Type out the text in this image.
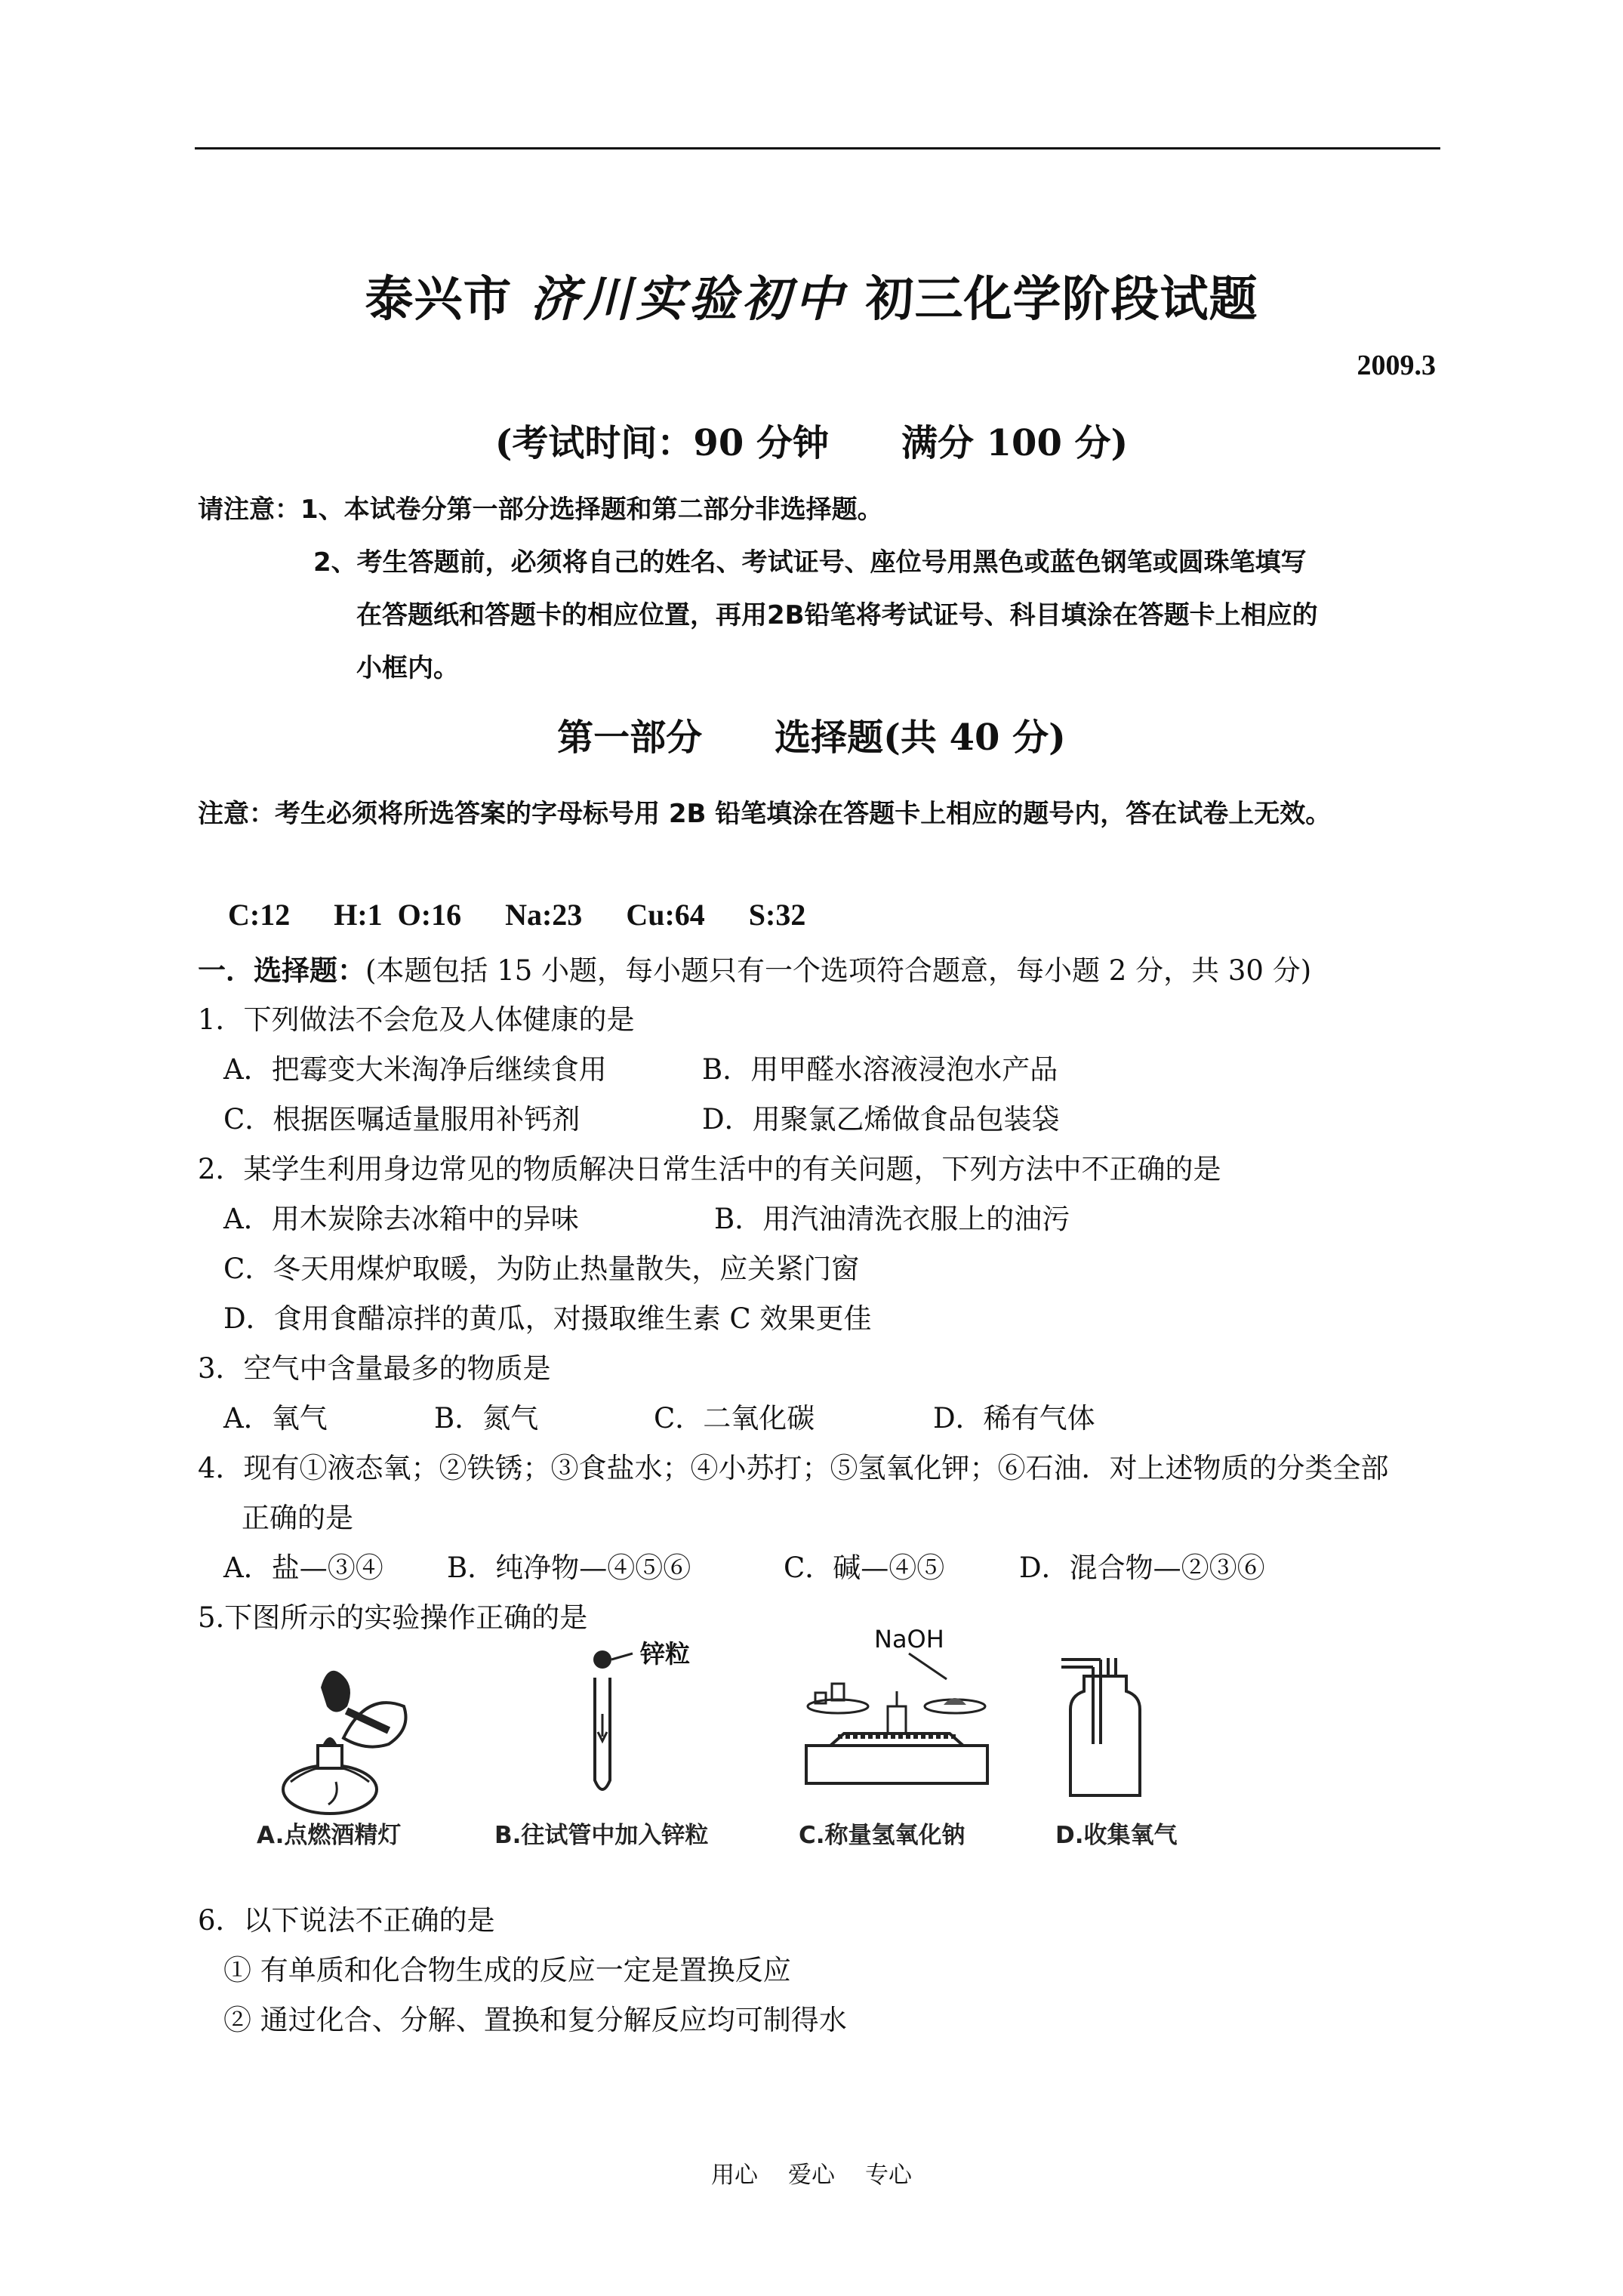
泰兴市 济川实验初中 初三化学阶段试题
2009.3
(考试时间：90 分钟　　满分 100 分)
请注意：1、本试卷分第一部分选择题和第二部分非选择题。
2、考生答题前，必须将自己的姓名、考试证号、座位号用黑色或蓝色钢笔或圆珠笔填写
在答题纸和答题卡的相应位置，再用2B铅笔将考试证号、科目填涂在答题卡上相应的
小框内。
第一部分　　选择题(共 40 分)
注意：考生必须将所选答案的字母标号用 2B 铅笔填涂在答题卡上相应的题号内，答在试卷上无效。
C:12 H:1 O:16 Na:23 Cu:64 S:32
一．选择题：(本题包括 15 小题，每小题只有一个选项符合题意，每小题 2 分，共 30 分)
1．下列做法不会危及人体健康的是
A．把霉变大米淘净后继续食用	B．用甲醛水溶液浸泡水产品
C．根据医嘱适量服用补钙剂	D．用聚氯乙烯做食品包装袋
2．某学生利用身边常见的物质解决日常生活中的有关问题，下列方法中不正确的是
A．用木炭除去冰箱中的异味	B．用汽油清洗衣服上的油污
C．冬天用煤炉取暖，为防止热量散失，应关紧门窗
D．食用食醋凉拌的黄瓜，对摄取维生素 C 效果更佳
3．空气中含量最多的物质是
A．氧气	B．氮气	C．二氧化碳	D．稀有气体
4．现有①液态氧；②铁锈；③食盐水；④小苏打；⑤氢氧化钾；⑥石油．对上述物质的分类全部
正确的是
A．盐—③④ B．纯净物—④⑤⑥	C．碱—④⑤	D．混合物—②③⑥
5.下图所示的实验操作正确的是
A.点燃酒精灯
锌粒
B.往试管中加入锌粒
NaOH
C.称量氢氧化钠	D.收集氧气
6．以下说法不正确的是
① 有单质和化合物生成的反应一定是置换反应
② 通过化合、分解、置换和复分解反应均可制得水
用心 爱心 专心
